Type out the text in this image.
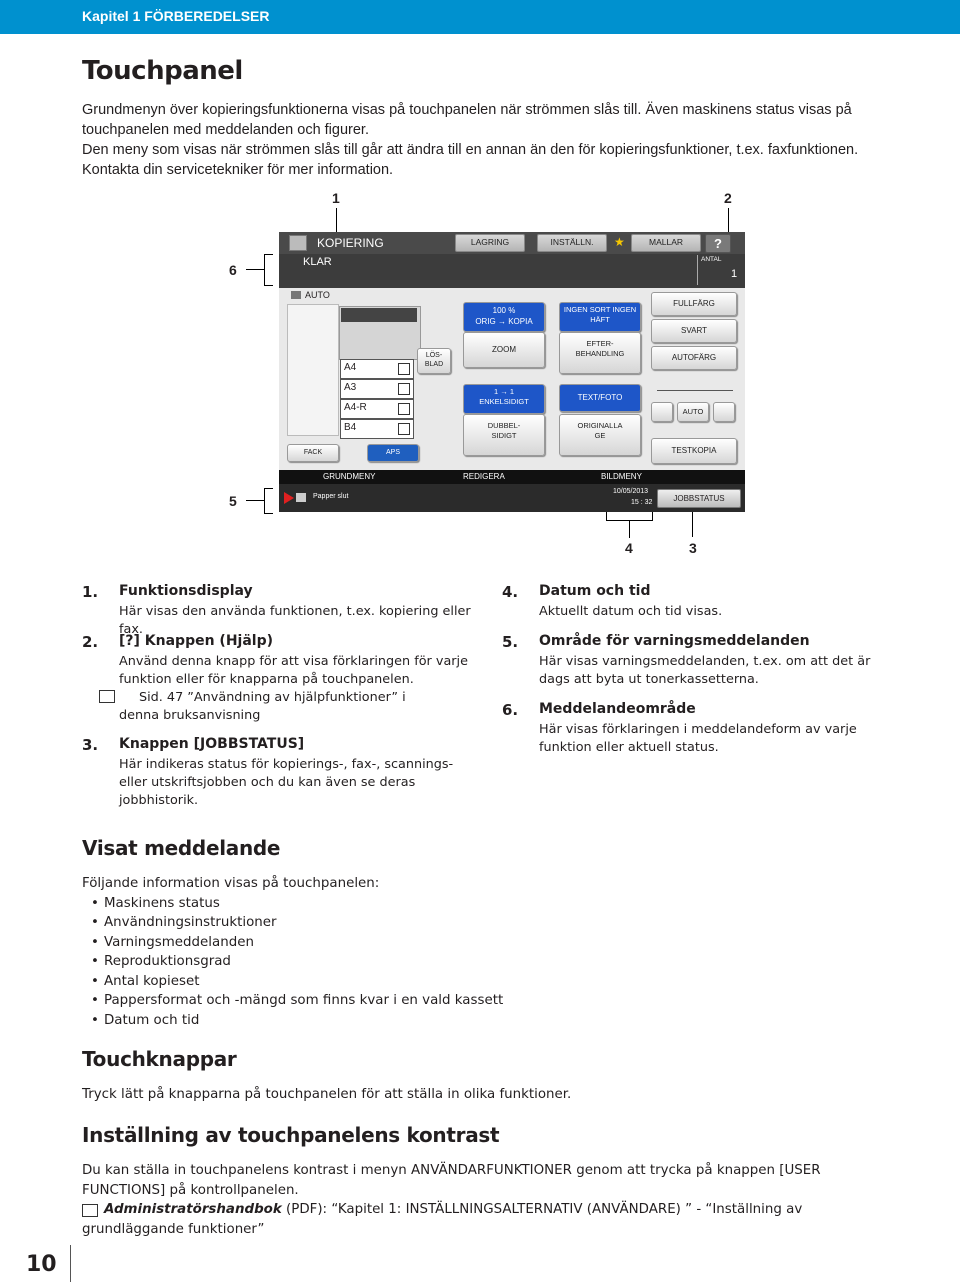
Kapitel 1 FÖRBEREDELSER
Touchpanel
Grundmenyn över kopieringsfunktionerna visas på touchpanelen när strömmen slås till. Även maskinens status visas på touchpanelen med meddelanden och figurer.
Den meny som visas när strömmen slås till går att ändra till en annan än den för kopieringsfunktioner, t.ex. faxfunktionen. Kontakta din servicetekniker för mer information.
1	2
3
4
5
6
KOPIERING	LAGRING	INSTÄLLN.	★	MALLAR	?
KLAR	ANTAL
1
AUTO
A4
A3
A4-R
B4
LÖS-
BLAD
FACK	APS
100 %
ORIG → KOPIA
ZOOM
1 → 1
ENKELSIDIGT
DUBBEL-
SIDIGT
INGEN SORT INGEN
HÄFT
EFTER-
BEHANDLING
TEXT/FOTO
ORIGINALLA
GE
FULLFÄRG
SVART
AUTOFÄRG
AUTO
TESTKOPIA
GRUNDMENY	REDIGERA	BILDMENY
Papper slut
10/05/2013
15 : 32	JOBBSTATUS
1. Funktionsdisplay
Här visas den använda funktionen, t.ex. kopiering eller fax.
2. [?] Knappen (Hjälp)
Använd denna knapp för att visa förklaringen för varje funktion eller för knapparna på touchpanelen.
Sid. 47 ”Användning av hjälpfunktioner” i denna bruksanvisning
3. Knappen [JOBBSTATUS]
Här indikeras status för kopierings-, fax-, scannings- eller utskriftsjobben och du kan även se deras jobbhistorik.
4. Datum och tid
Aktuellt datum och tid visas.
5. Område för varningsmeddelanden
Här visas varningsmeddelanden, t.ex. om att det är dags att byta ut tonerkassetterna.
6. Meddelandeområde
Här visas förklaringen i meddelandeform av varje funktion eller aktuell status.
Visat meddelande
Följande information visas på touchpanelen:
• Maskinens status
• Användningsinstruktioner
• Varningsmeddelanden
• Reproduktionsgrad
• Antal kopieset
• Pappersformat och -mängd som finns kvar i en vald kassett
• Datum och tid
Touchknappar
Tryck lätt på knapparna på touchpanelen för att ställa in olika funktioner.
Inställning av touchpanelens kontrast
Du kan ställa in touchpanelens kontrast i menyn ANVÄNDARFUNKTIONER genom att trycka på knappen [USER FUNCTIONS] på kontrollpanelen.
Administratörshandbok (PDF): “Kapitel 1: INSTÄLLNINGSALTERNATIV (ANVÄNDARE) ” - “Inställning av grundläggande funktioner”
10
